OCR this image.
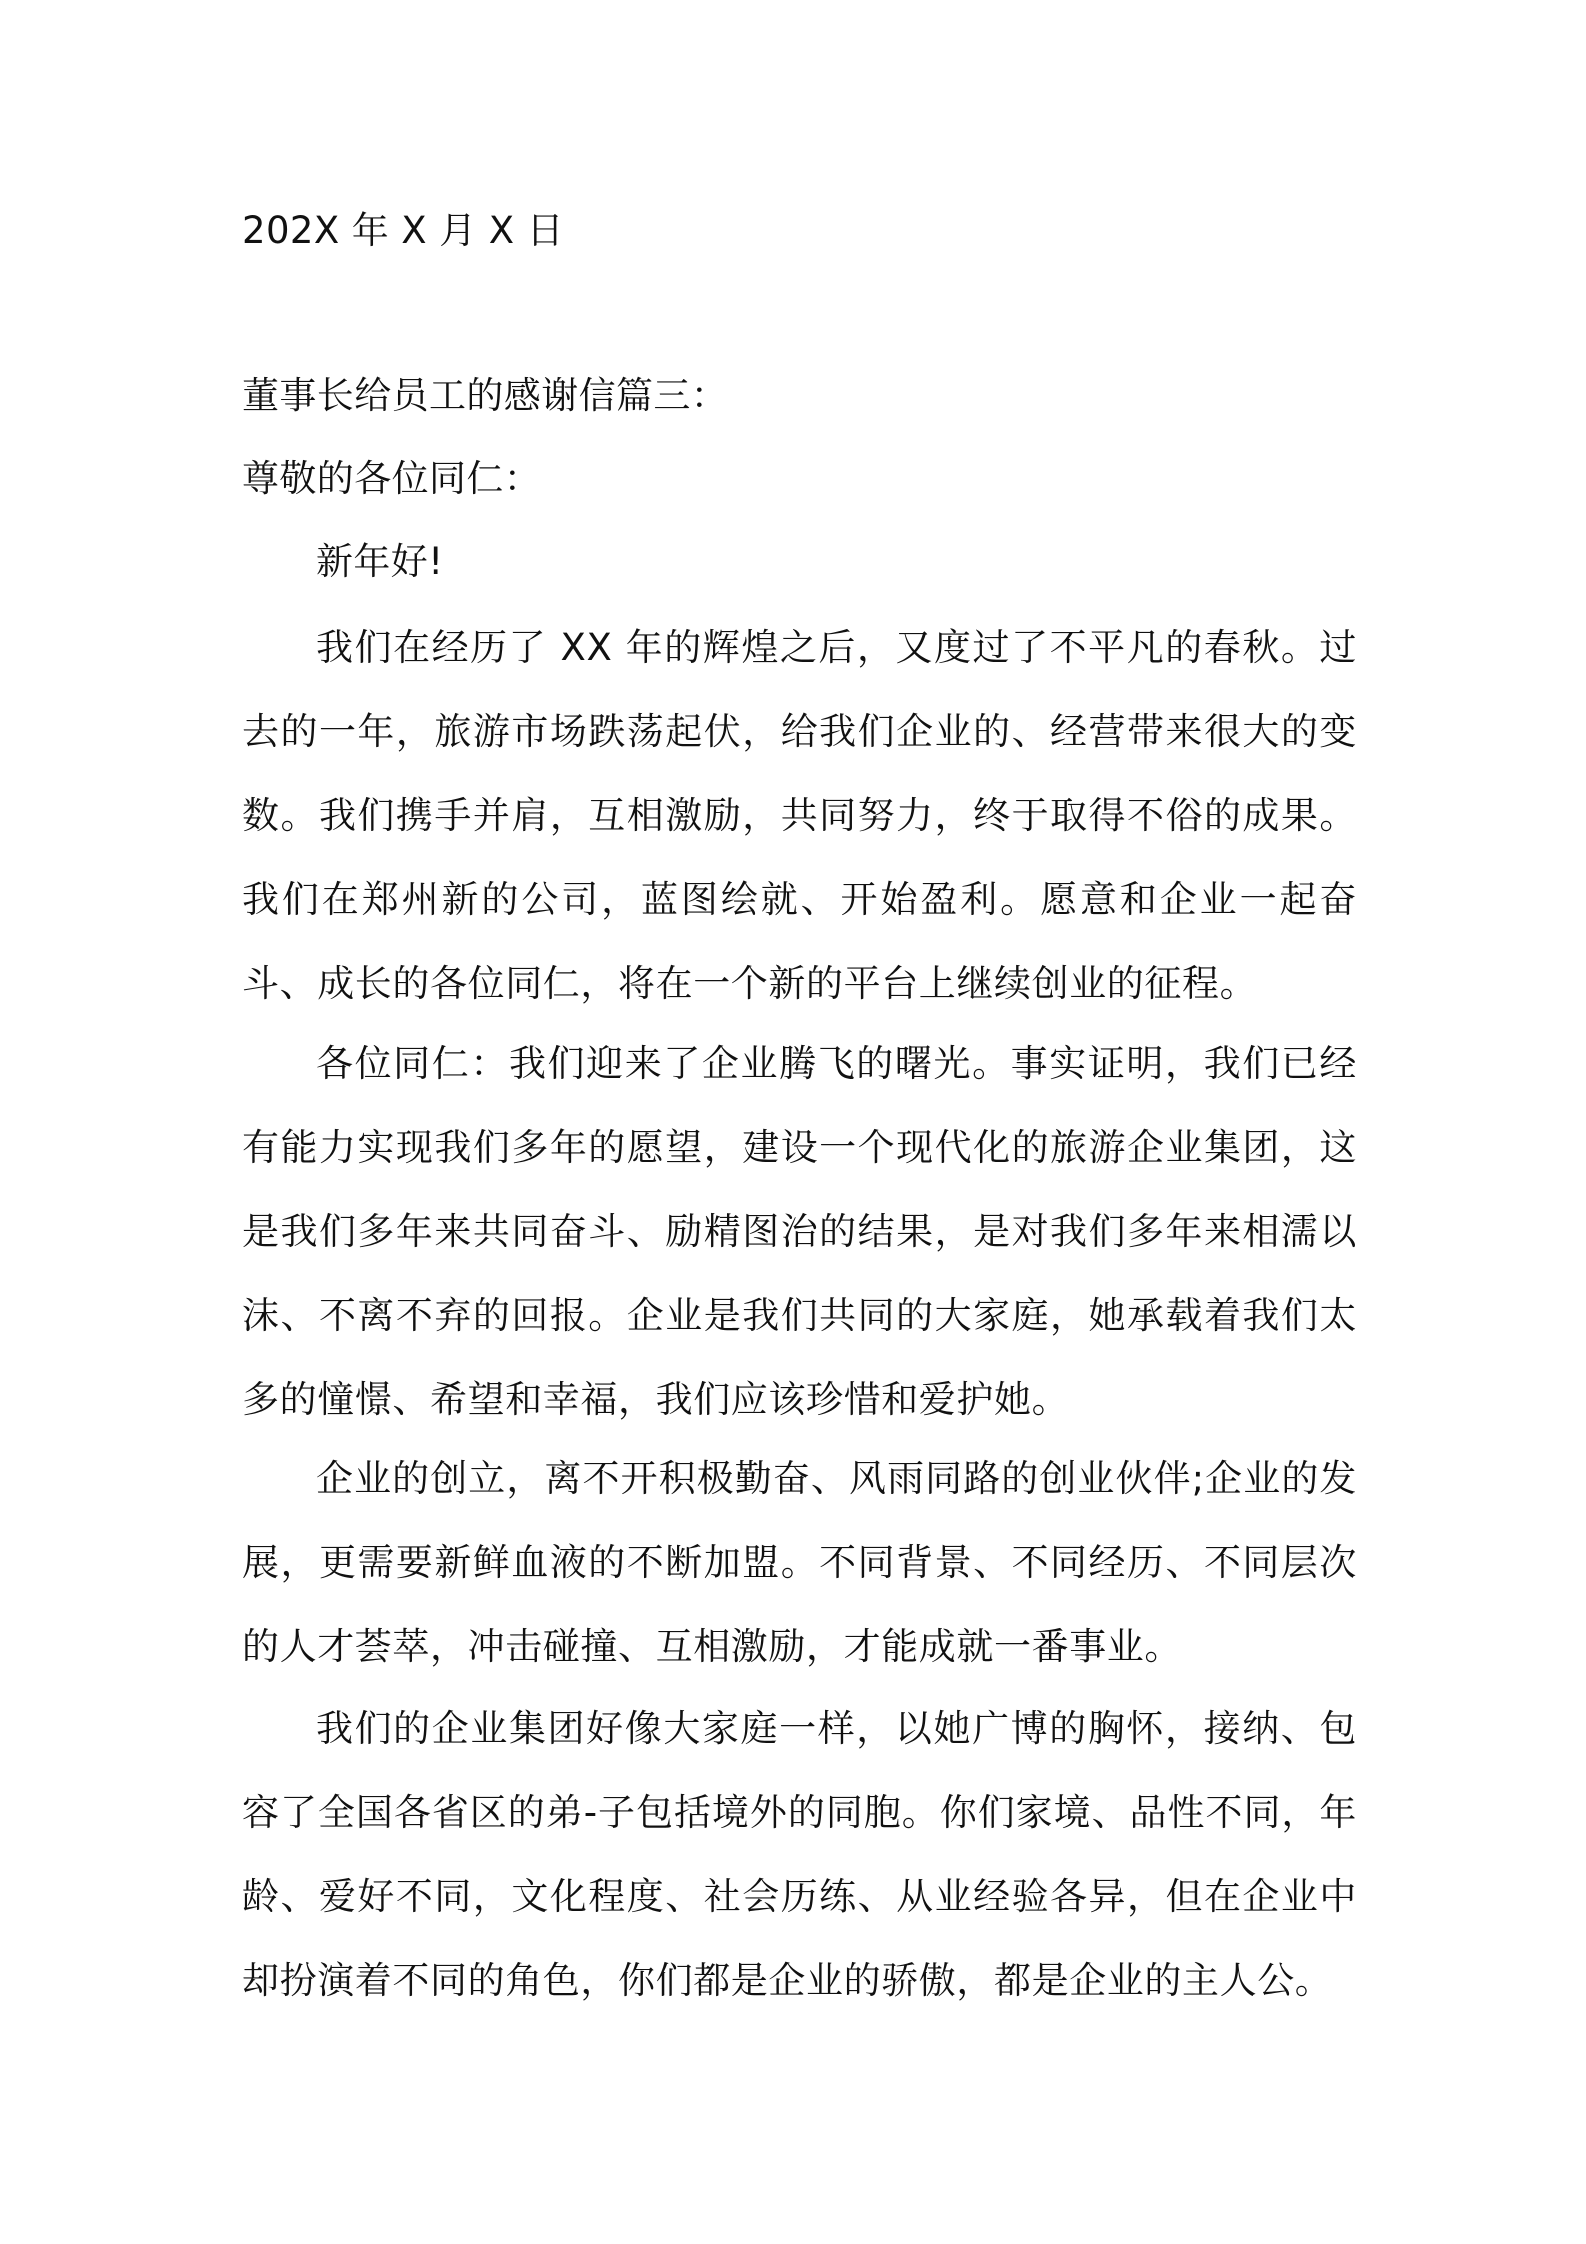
202X 年 X 月 X 日
董事长给员工的感谢信篇三：
尊敬的各位同仁：
新年好!
我们在经历了 XX 年的辉煌之后，又度过了不平凡的春秋。过去的一年，旅游市场跌荡起伏，给我们企业的、经营带来很大的变数。我们携手并肩，互相激励，共同努力，终于取得不俗的成果。我们在郑州新的公司，蓝图绘就、开始盈利。愿意和企业一起奋斗、成长的各位同仁，将在一个新的平台上继续创业的征程。
各位同仁：我们迎来了企业腾飞的曙光。事实证明，我们已经有能力实现我们多年的愿望，建设一个现代化的旅游企业集团，这是我们多年来共同奋斗、励精图治的结果，是对我们多年来相濡以沫、不离不弃的回报。企业是我们共同的大家庭，她承载着我们太多的憧憬、希望和幸福，我们应该珍惜和爱护她。
企业的创立，离不开积极勤奋、风雨同路的创业伙伴;企业的发展，更需要新鲜血液的不断加盟。不同背景、不同经历、不同层次的人才荟萃，冲击碰撞、互相激励，才能成就一番事业。
我们的企业集团好像大家庭一样，以她广博的胸怀，接纳、包容了全国各省区的弟-子包括境外的同胞。你们家境、品性不同，年龄、爱好不同，文化程度、社会历练、从业经验各异，但在企业中却扮演着不同的角色，你们都是企业的骄傲，都是企业的主人公。
